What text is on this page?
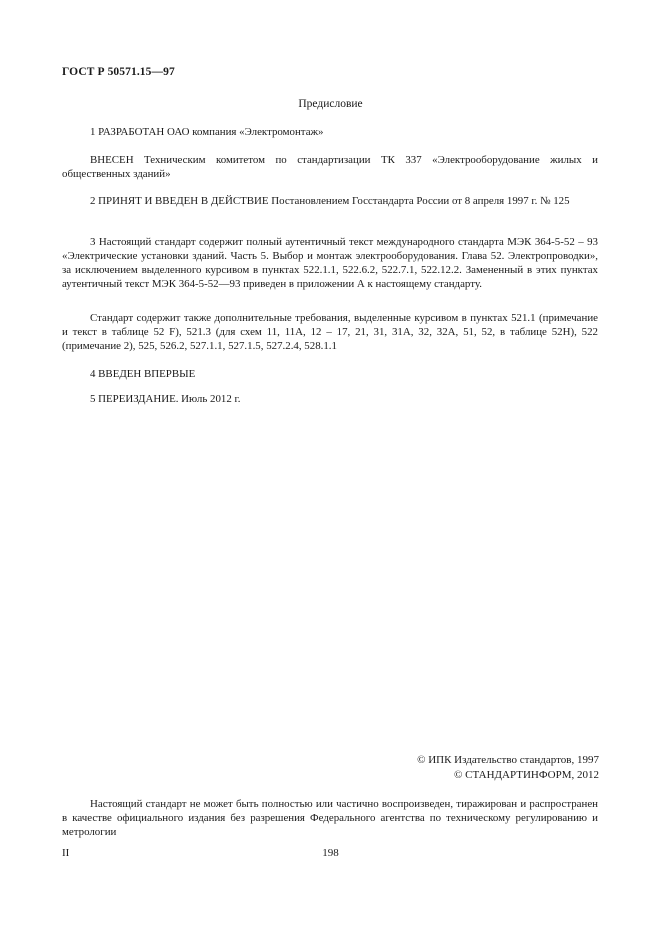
ГОСТ Р 50571.15—97
Предисловие

1 РАЗРАБОТАН ОАО компания «Электромонтаж»

ВНЕСЕН Техническим комитетом по стандартизации ТК 337 «Электрооборудование жилых и общественных зданий»

2 ПРИНЯТ И ВВЕДЕН В ДЕЙСТВИЕ Постановлением Госстандарта России от 8 апреля 1997 г. № 125

3 Настоящий стандарт содержит полный аутентичный текст международного стандарта МЭК 364-5-52 – 93 «Электрические установки зданий. Часть 5. Выбор и монтаж электрооборудования. Глава 52. Электропроводки», за исключением выделенного курсивом в пунктах 522.1.1, 522.6.2, 522.7.1, 522.12.2. Замененный в этих пунктах аутентичный текст МЭК 364-5-52—93 приведен в приложении А к настоящему стандарту.

Стандарт содержит также дополнительные требования, выделенные курсивом в пунктах 521.1 (примечание и текст в таблице 52 F), 521.3 (для схем 11, 11А, 12 – 17, 21, 31, 31А, 32, 32А, 51, 52, в таблице 52Н), 522 (примечание 2), 525, 526.2, 527.1.1, 527.1.5, 527.2.4, 528.1.1

4 ВВЕДЕН ВПЕРВЫЕ

5 ПЕРЕИЗДАНИЕ. Июль 2012 г.

© ИПК Издательство стандартов, 1997
© СТАНДАРТИНФОРМ, 2012

Настоящий стандарт не может быть полностью или частично воспроизведен, тиражирован и распространен в качестве официального издания без разрешения Федерального агентства по техническому регулированию и метрологии

II	198
